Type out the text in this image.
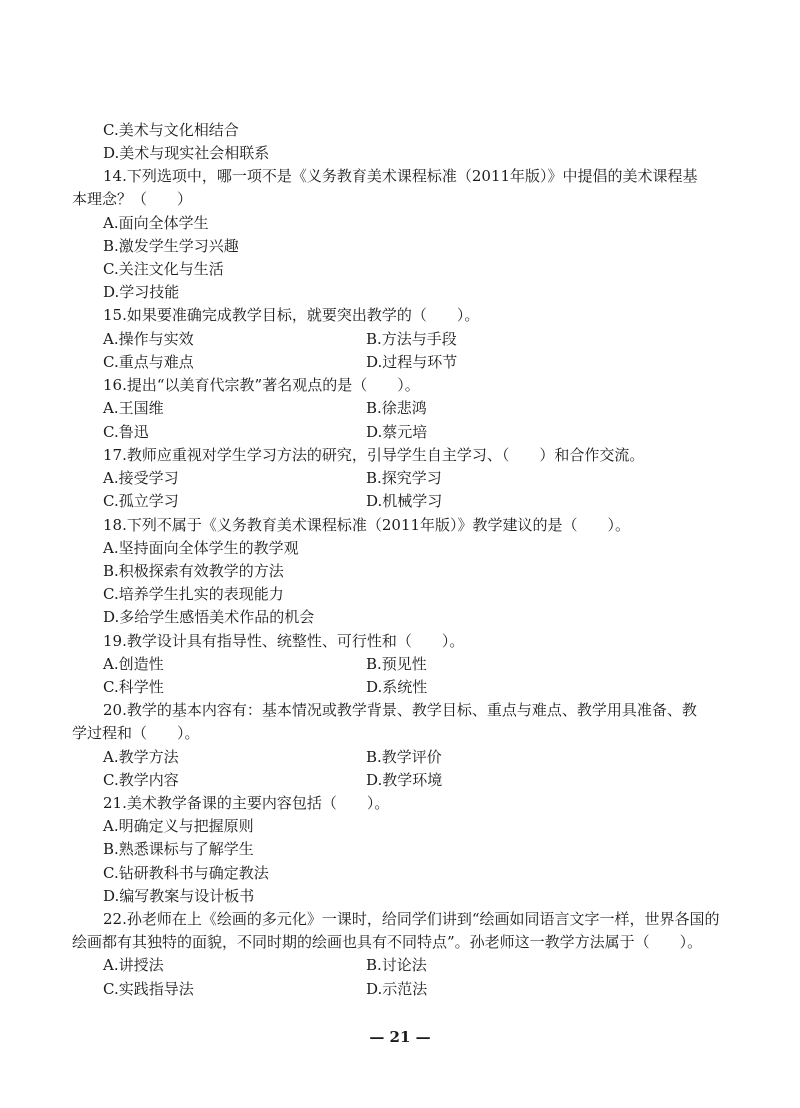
C.美术与文化相结合
D.美术与现实社会相联系
14.下列选项中，哪一项不是《义务教育美术课程标准（2011年版）》中提倡的美术课程基
本理念？（　　）
A.面向全体学生
B.激发学生学习兴趣
C.关注文化与生活
D.学习技能
15.如果要准确完成教学目标，就要突出教学的（　　）。
A.操作与实效	B.方法与手段
C.重点与难点	D.过程与环节
16.提出“以美育代宗教”著名观点的是（　　）。
A.王国维	B.徐悲鸿
C.鲁迅	D.蔡元培
17.教师应重视对学生学习方法的研究，引导学生自主学习、（　　）和合作交流。
A.接受学习	B.探究学习
C.孤立学习	D.机械学习
18.下列不属于《义务教育美术课程标准（2011年版）》教学建议的是（　　）。
A.坚持面向全体学生的教学观
B.积极探索有效教学的方法
C.培养学生扎实的表现能力
D.多给学生感悟美术作品的机会
19.教学设计具有指导性、统整性、可行性和（　　）。
A.创造性	B.预见性
C.科学性	D.系统性
20.教学的基本内容有：基本情况或教学背景、教学目标、重点与难点、教学用具准备、教
学过程和（　　）。
A.教学方法	B.教学评价
C.教学内容	D.教学环境
21.美术教学备课的主要内容包括（　　）。
A.明确定义与把握原则
B.熟悉课标与了解学生
C.钻研教科书与确定教法
D.编写教案与设计板书
22.孙老师在上《绘画的多元化》一课时，给同学们讲到“绘画如同语言文字一样，世界各国的
绘画都有其独特的面貌，不同时期的绘画也具有不同特点”。孙老师这一教学方法属于（　　）。
A.讲授法	B.讨论法
C.实践指导法	D.示范法
— 21 —
